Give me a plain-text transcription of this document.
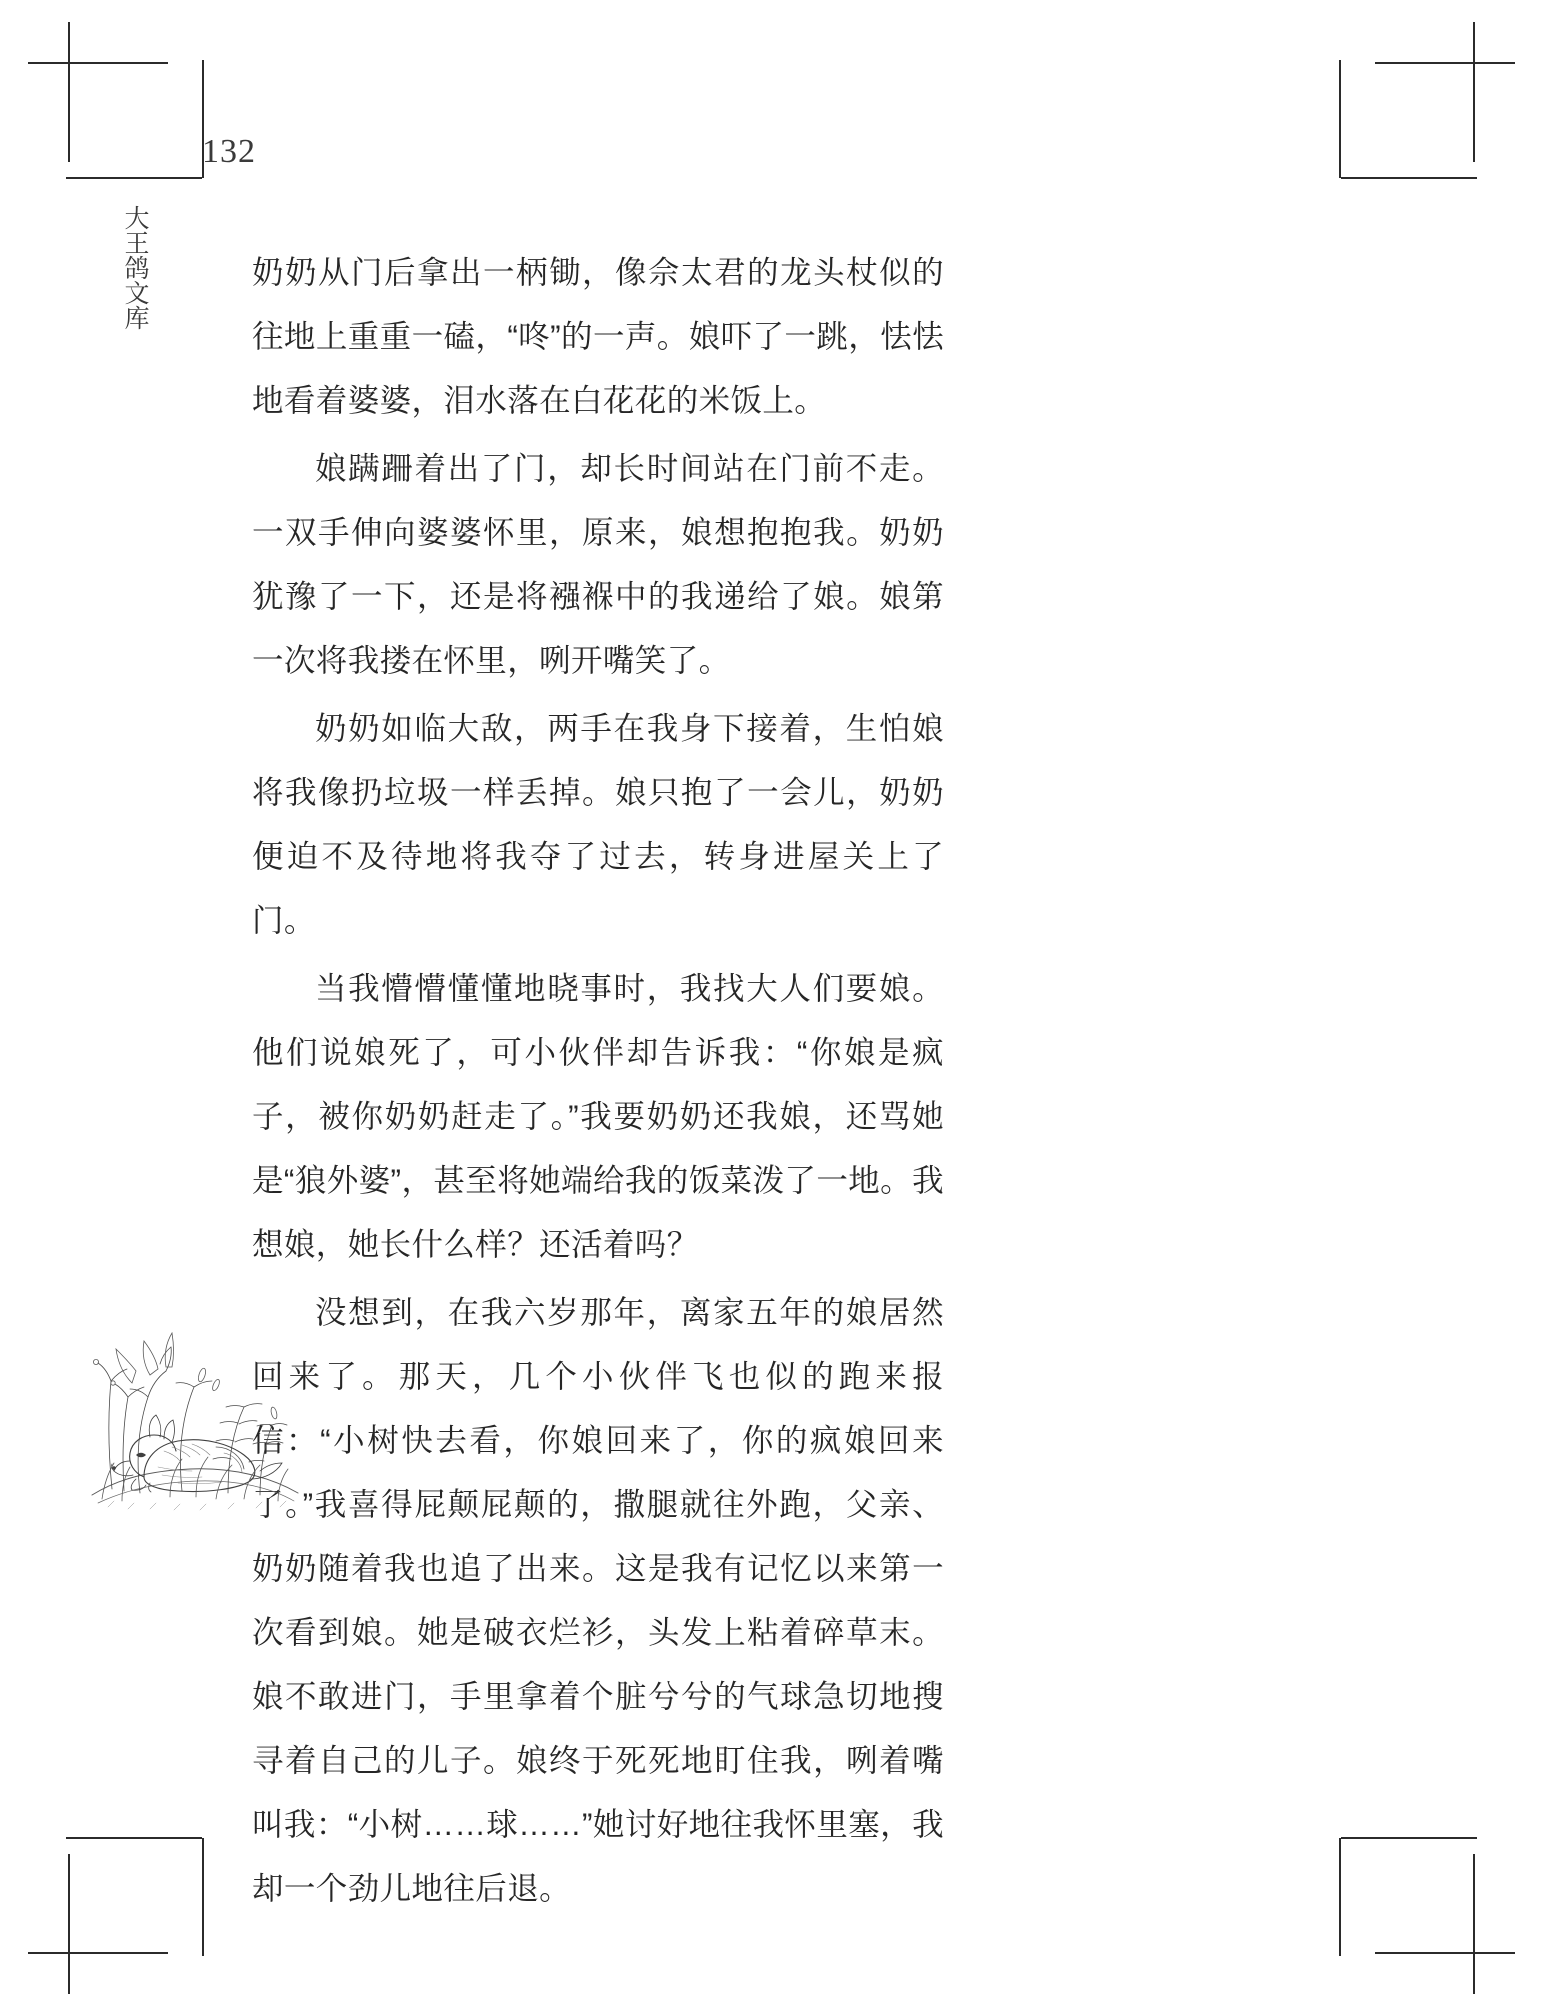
132
大王鸽文库	奶奶从门后拿出一柄锄，像佘太君的龙头杖似的往地上重重一磕，“咚”的一声。娘吓了一跳，怯怯地看着婆婆，泪水落在白花花的米饭上。

娘蹒跚着出了门，却长时间站在门前不走。一双手伸向婆婆怀里，原来，娘想抱抱我。奶奶犹豫了一下，还是将襁褓中的我递给了娘。娘第一次将我搂在怀里，咧开嘴笑了。

奶奶如临大敌，两手在我身下接着，生怕娘将我像扔垃圾一样丢掉。娘只抱了一会儿，奶奶便迫不及待地将我夺了过去，转身进屋关上了门。

当我懵懵懂懂地晓事时，我找大人们要娘。他们说娘死了，可小伙伴却告诉我：“你娘是疯子，被你奶奶赶走了。”我要奶奶还我娘，还骂她是“狼外婆”，甚至将她端给我的饭菜泼了一地。我想娘，她长什么样？还活着吗？

没想到，在我六岁那年，离家五年的娘居然回来了。那天，几个小伙伴飞也似的跑来报信：“小树快去看，你娘回来了，你的疯娘回来了。”我喜得屁颠屁颠的，撒腿就往外跑，父亲、奶奶随着我也追了出来。这是我有记忆以来第一次看到娘。她是破衣烂衫，头发上粘着碎草末。娘不敢进门，手里拿着个脏兮兮的气球急切地搜寻着自己的儿子。娘终于死死地盯住我，咧着嘴叫我：“小树……球……”她讨好地往我怀里塞，我却一个劲儿地往后退。
